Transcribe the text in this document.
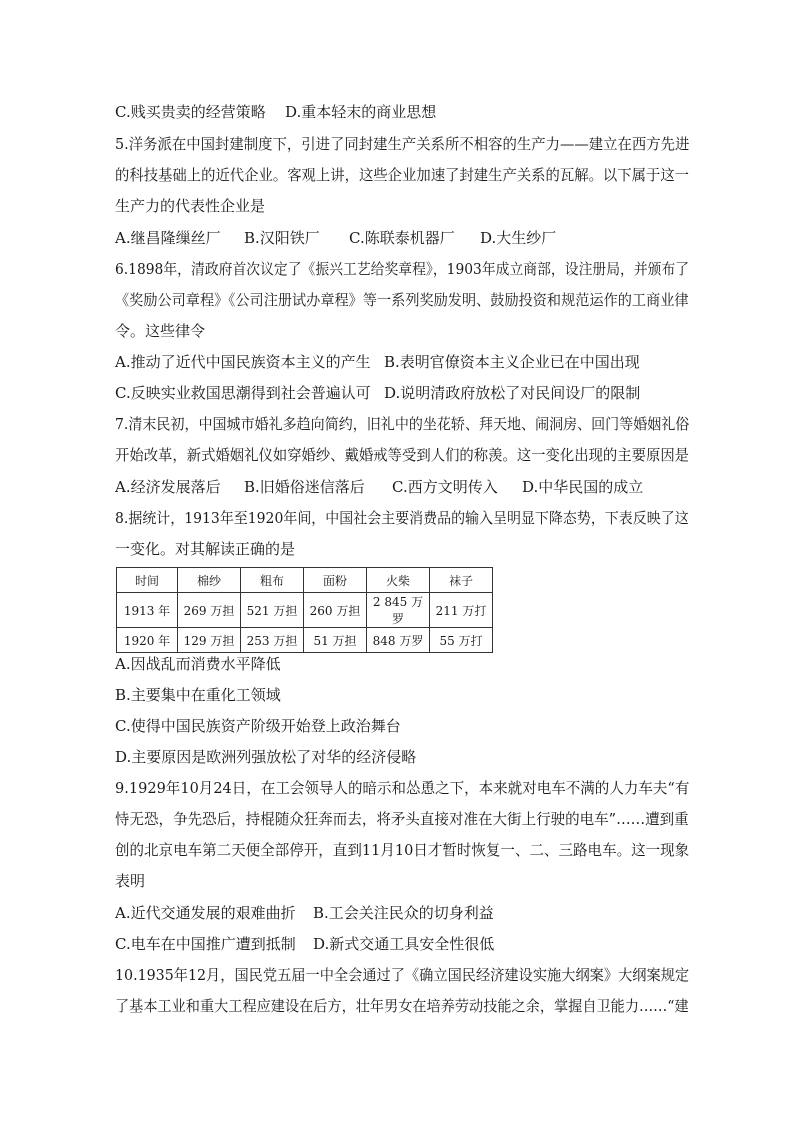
C.贱买贵卖的经营策略 D.重本轻末的商业思想
5.洋务派在中国封建制度下，引进了同封建生产关系所不相容的生产力——建立在西方先进
的科技基础上的近代企业。客观上讲，这些企业加速了封建生产关系的瓦解。以下属于这一
生产力的代表性企业是
A.继昌隆缫丝厂 B.汉阳铁厂 C.陈联泰机器厂 D.大生纱厂
6.1898年，清政府首次议定了《振兴工艺给奖章程》，1903年成立商部，设注册局，并颁布了
《奖励公司章程》《公司注册试办章程》等一系列奖励发明、鼓励投资和规范运作的工商业律
令。这些律令
A.推动了近代中国民族资本主义的产生 B.表明官僚资本主义企业已在中国出现
C.反映实业救国思潮得到社会普遍认可 D.说明清政府放松了对民间设厂的限制
7.清末民初，中国城市婚礼多趋向简约，旧礼中的坐花轿、拜天地、闹洞房、回门等婚姻礼俗
开始改革，新式婚姻礼仪如穿婚纱、戴婚戒等受到人们的称羡。这一变化出现的主要原因是
A.经济发展落后 B.旧婚俗迷信落后 C.西方文明传入 D.中华民国的成立
8.据统计，1913年至1920年间，中国社会主要消费品的输入呈明显下降态势，下表反映了这
一变化。对其解读正确的是
时间	棉纱	粗布	面粉	火柴	袜子
1913 年	269 万担	521 万担	260 万担	2 845 万罗	211 万打
1920 年	129 万担	253 万担	51 万担	848 万罗	55 万打
A.因战乱而消费水平降低
B.主要集中在重化工领域
C.使得中国民族资产阶级开始登上政治舞台
D.主要原因是欧洲列强放松了对华的经济侵略
9.1929年10月24日，在工会领导人的暗示和怂恿之下，本来就对电车不满的人力车夫“有
恃无恐，争先恐后，持棍随众狂奔而去，将矛头直接对准在大街上行驶的电车”……遭到重
创的北京电车第二天便全部停开，直到11月10日才暂时恢复一、二、三路电车。这一现象
表明
A.近代交通发展的艰难曲折 B.工会关注民众的切身利益
C.电车在中国推广遭到抵制 D.新式交通工具安全性很低
10.1935年12月，国民党五届一中全会通过了《确立国民经济建设实施大纲案》大纲案规定
了基本工业和重大工程应建设在后方，壮年男女在培养劳动技能之余，掌握自卫能力……“建
